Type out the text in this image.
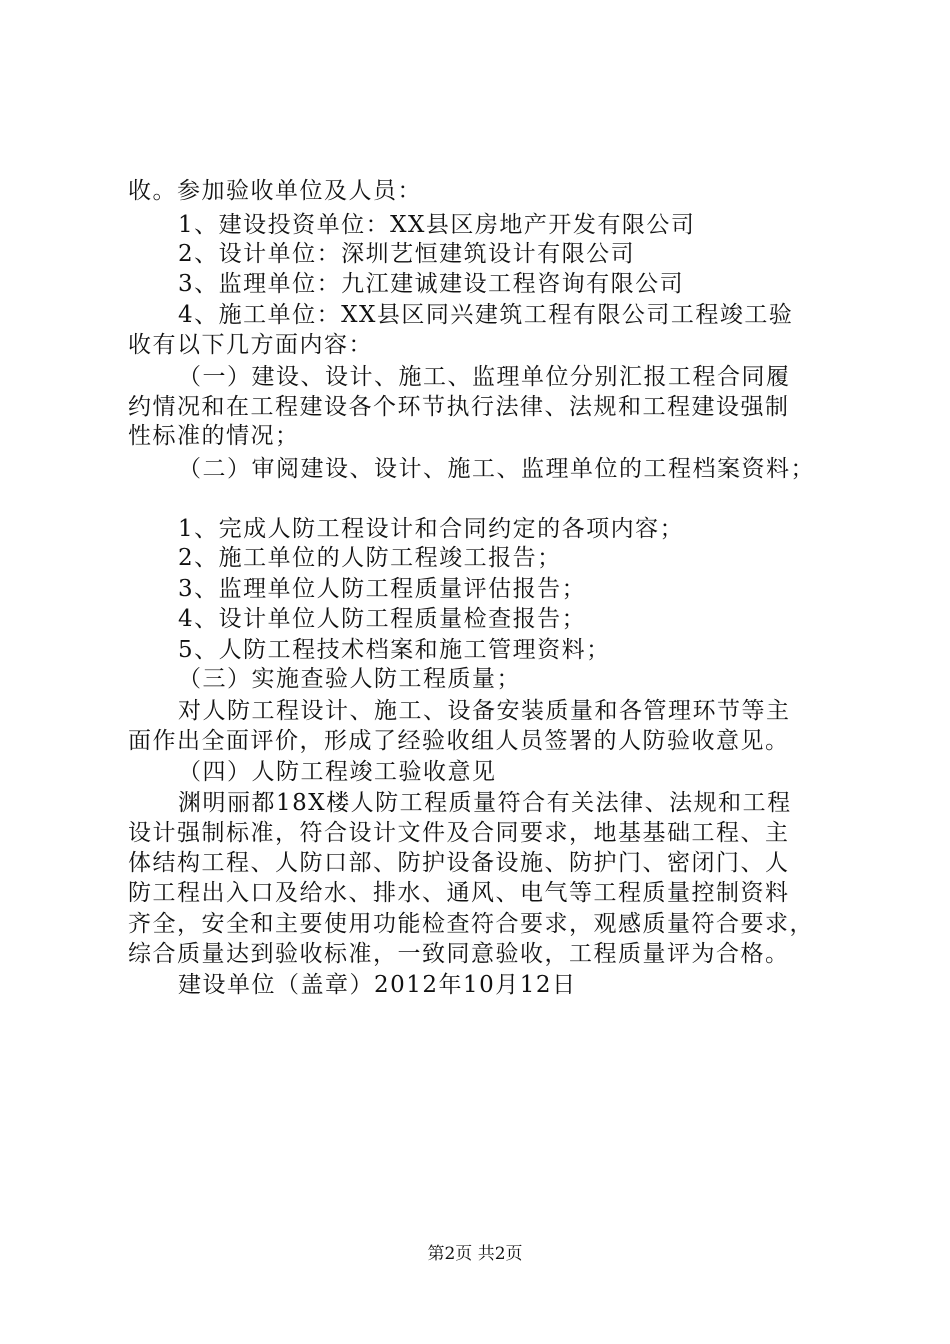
收。参加验收单位及人员：
1、建设投资单位：XX县区房地产开发有限公司
2、设计单位：深圳艺恒建筑设计有限公司
3、监理单位：九江建诚建设工程咨询有限公司
4、施工单位：XX县区同兴建筑工程有限公司工程竣工验
收有以下几方面内容：
（一）建设、设计、施工、监理单位分别汇报工程合同履
约情况和在工程建设各个环节执行法律、法规和工程建设强制
性标准的情况；
（二）审阅建设、设计、施工、监理单位的工程档案资料；
1、完成人防工程设计和合同约定的各项内容；
2、施工单位的人防工程竣工报告；
3、监理单位人防工程质量评估报告；
4、设计单位人防工程质量检查报告；
5、人防工程技术档案和施工管理资料；
（三）实施查验人防工程质量；
对人防工程设计、施工、设备安装质量和各管理环节等主
面作出全面评价，形成了经验收组人员签署的人防验收意见。
（四）人防工程竣工验收意见
渊明丽都18X楼人防工程质量符合有关法律、法规和工程
设计强制标准，符合设计文件及合同要求，地基基础工程、主
体结构工程、人防口部、防护设备设施、防护门、密闭门、人
防工程出入口及给水、排水、通风、电气等工程质量控制资料
齐全，安全和主要使用功能检查符合要求，观感质量符合要求，
综合质量达到验收标准，一致同意验收，工程质量评为合格。
建设单位（盖章）2012年10月12日
第2页 共2页
